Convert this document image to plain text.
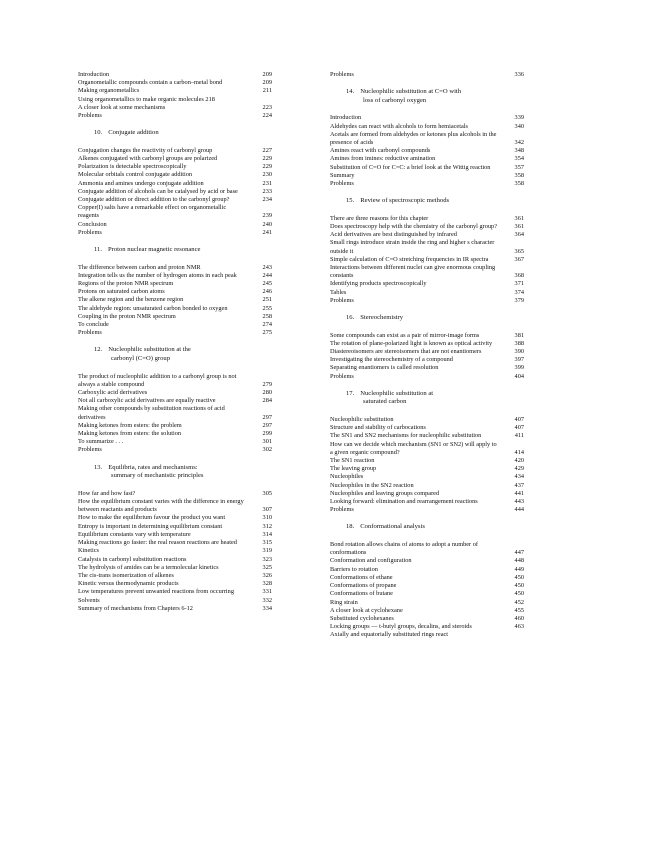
Introduction	209
Organometallic compounds contain a carbon–metal bond	209
Making organometallics	211
Using organometallics to make organic molecules 218
A closer look at some mechanisms	223
Problems	224
10. Conjugate addition
Conjugation changes the reactivity of carbonyl group	227
Alkenes conjugated with carbonyl groups are polarized	229
Polarization is detectable spectroscopically	229
Molecular orbitals control conjugate addition	230
Ammonia and amines undergo conjugate addition	231
Conjugate addition of alcohols can be catalysed by acid or base	233
Conjugate addition or direct addition to the carbonyl group?	234
Copper(I) salts have a remarkable effect on organometallic reagents	239
Conclusion	240
Problems	241
11. Proton nuclear magnetic resonance
The difference between carbon and proton NMR	243
Integration tells us the number of hydrogen atoms in each peak	244
Regions of the proton NMR spectrum	245
Protons on saturated carbon atoms	246
The alkene region and the benzene region	251
The aldehyde region: unsaturated carbon bonded to oxygen	255
Coupling in the proton NMR spectrum	258
To conclude	274
Problems	275
12. Nucleophilic substitution at the
carbonyl (C=O) group
The product of nucleophilic addition to a carbonyl group is not always a stable compound	279
Carboxylic acid derivatives	280
Not all carboxylic acid derivatives are equally reactive	284
Making other compounds by substitution reactions of acid derivatives	297
Making ketones from esters: the problem	297
Making ketones from esters: the solution	299
To summarize . . .	301
Problems	302
13. Equilibria, rates and mechanisms:
summary of mechanistic principles
How far and how fast?	305
How the equilibrium constant varies with the difference in energy between reactants and products	307
How to make the equilibrium favour the product you want	310
Entropy is important in determining equilibrium constant	312
Equilibrium constants vary with temperature	314
Making reactions go faster: the real reason reactions are heated	315
Kinetics	319
Catalysis in carbonyl substitution reactions	323
The hydrolysis of amides can be a termolecular kinetics	325
The cis-trans isomerization of alkenes	326
Kinetic versus thermodynamic products	328
Low temperatures prevent unwanted reactions from occurring	331
Solvents	332
Summary of mechanisms from Chapters 6-12	334
Problems	336
14. Nucleophilic substitution at C=O with
loss of carbonyl oxygen
Introduction	339
Aldehydes can react with alcohols to form hemiacetals	340
Acetals are formed from aldehydes or ketones plus alcohols in the presence of acids	342
Amines react with carbonyl compounds	348
Amines from imines: reductive amination	354
Substitution of C=O for C=C: a brief look at the Wittig reaction	357
Summary	358
Problems	358
15. Review of spectroscopic methods
There are three reasons for this chapter	361
Does spectroscopy help with the chemistry of the carbonyl group?	361
Acid derivatives are best distinguished by infrared	364
Small rings introduce strain inside the ring and higher s character outside it	365
Simple calculation of C=O stretching frequencies in IR spectra	367
Interactions between different nuclei can give enormous coupling constants	368
Identifying products spectroscopically	371
Tables	374
Problems	379
16. Stereochemistry
Some compounds can exist as a pair of mirror-image forms	381
The rotation of plane-polarized light is known as optical activity	388
Diastereoisomers are stereoisomers that are not enantiomers	390
Investigating the stereochemistry of a compound	397
Separating enantiomers is called resolution	399
Problems	404
17. Nucleophilic substitution at
saturated carbon
Nucleophilic substitution	407
Structure and stability of carbocations	407
The SN1 and SN2 mechanisms for nucleophilic substitution	411
How can we decide which mechanism (SN1 or SN2) will apply to a given organic compound?	414
The SN1 reaction	420
The leaving group	429
Nucleophiles	434
Nucleophiles in the SN2 reaction	437
Nucleophiles and leaving groups compared	441
Looking forward: elimination and rearrangement reactions	443
Problems	444
18. Conformational analysis
Bond rotation allows chains of atoms to adopt a number of conformations	447
Conformation and configuration	448
Barriers to rotation	449
Conformations of ethane	450
Conformations of propane	450
Conformations of butane	450
Ring strain	452
A closer look at cyclohexane	455
Substituted cyclohexanes	460
Locking groups — t-butyl groups, decalins, and steroids	463
Axially and equatorially substituted rings react
